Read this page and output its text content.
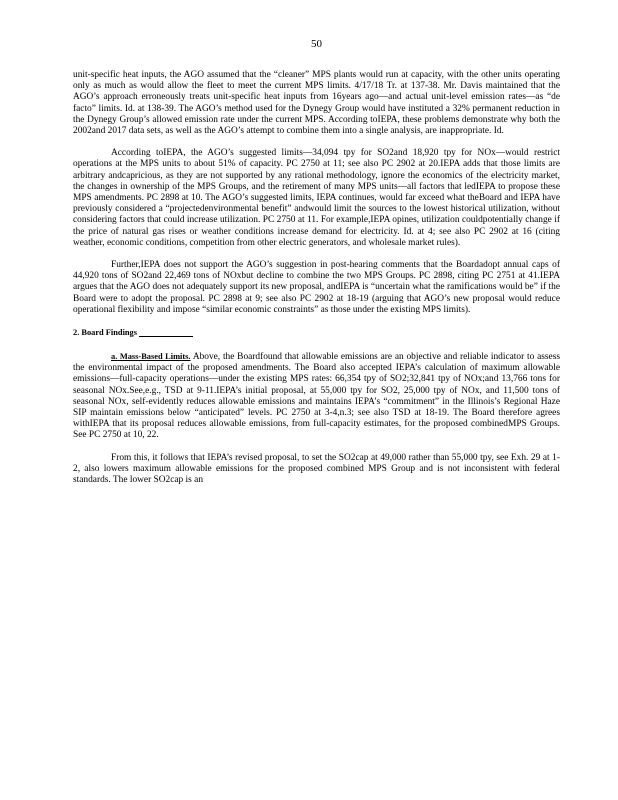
50

unit-specific heat inputs, the AGO assumed that the “cleaner” MPS plants would run at capacity, with the other units operating only as much as would allow the fleet to meet the current MPS limits. 4/17/18 Tr. at 137-38. Mr. Davis maintained that the AGO’s approach erroneously treats unit-specific heat inputs from 16years ago—and actual unit-level emission rates—as “de facto” limits. Id. at 138-39. The AGO’s method used for the Dynegy Group would have instituted a 32% permanent reduction in the Dynegy Group’s allowed emission rate under the current MPS. According toIEPA, these problems demonstrate why both the 2002and 2017 data sets, as well as the AGO’s attempt to combine them into a single analysis, are inappropriate. Id.

According toIEPA, the AGO’s suggested limits—34,094 tpy for SO2and 18,920 tpy for NOx—would restrict operations at the MPS units to about 51% of capacity. PC 2750 at 11; see also PC 2902 at 20.IEPA adds that those limits are arbitrary andcapricious, as they are not supported by any rational methodology, ignore the economics of the electricity market, the changes in ownership of the MPS Groups, and the retirement of many MPS units—all factors that ledIEPA to propose these MPS amendments. PC 2898 at 10. The AGO’s suggested limits, IEPA continues, would far exceed what theBoard and IEPA have previously considered a “projectedenvironmental benefit” andwould limit the sources to the lowest historical utilization, without considering factors that could increase utilization. PC 2750 at 11. For example,IEPA opines, utilization couldpotentially change if the price of natural gas rises or weather conditions increase demand for electricity. Id. at 4; see also PC 2902 at 16 (citing weather, economic conditions, competition from other electric generators, and wholesale market rules).

Further,IEPA does not support the AGO’s suggestion in post-hearing comments that the Boardadopt annual caps of 44,920 tons of SO2and 22,469 tons of NOxbut decline to combine the two MPS Groups. PC 2898, citing PC 2751 at 41.IEPA argues that the AGO does not adequately support its new proposal, andIEPA is “uncertain what the ramifications would be” if the Board were to adopt the proposal. PC 2898 at 9; see also PC 2902 at 18-19 (arguing that AGO’s new proposal would reduce operational flexibility and impose “similar economic constraints” as those under the existing MPS limits).

2. Board Findings

a. Mass-Based Limits. Above, the Boardfound that allowable emissions are an objective and reliable indicator to assess the environmental impact of the proposed amendments. The Board also accepted IEPA’s calculation of maximum allowable emissions—full-capacity operations—under the existing MPS rates: 66,354 tpy of SO2;32,841 tpy of NOx;and 13,766 tons for seasonal NOx.See,e.g., TSD at 9-11.IEPA’s initial proposal, at 55,000 tpy for SO2, 25,000 tpy of NOx, and 11,500 tons of seasonal NOx, self-evidently reduces allowable emissions and maintains IEPA’s “commitment” in the Illinois’s Regional Haze SIP maintain emissions below “anticipated” levels. PC 2750 at 3-4,n.3; see also TSD at 18-19. The Board therefore agrees withIEPA that its proposal reduces allowable emissions, from full-capacity estimates, for the proposed combinedMPS Groups. See PC 2750 at 10, 22.

From this, it follows that IEPA’s revised proposal, to set the SO2cap at 49,000 rather than 55,000 tpy, see Exh. 29 at 1-2, also lowers maximum allowable emissions for the proposed combined MPS Group and is not inconsistent with federal standards. The lower SO2cap is an
